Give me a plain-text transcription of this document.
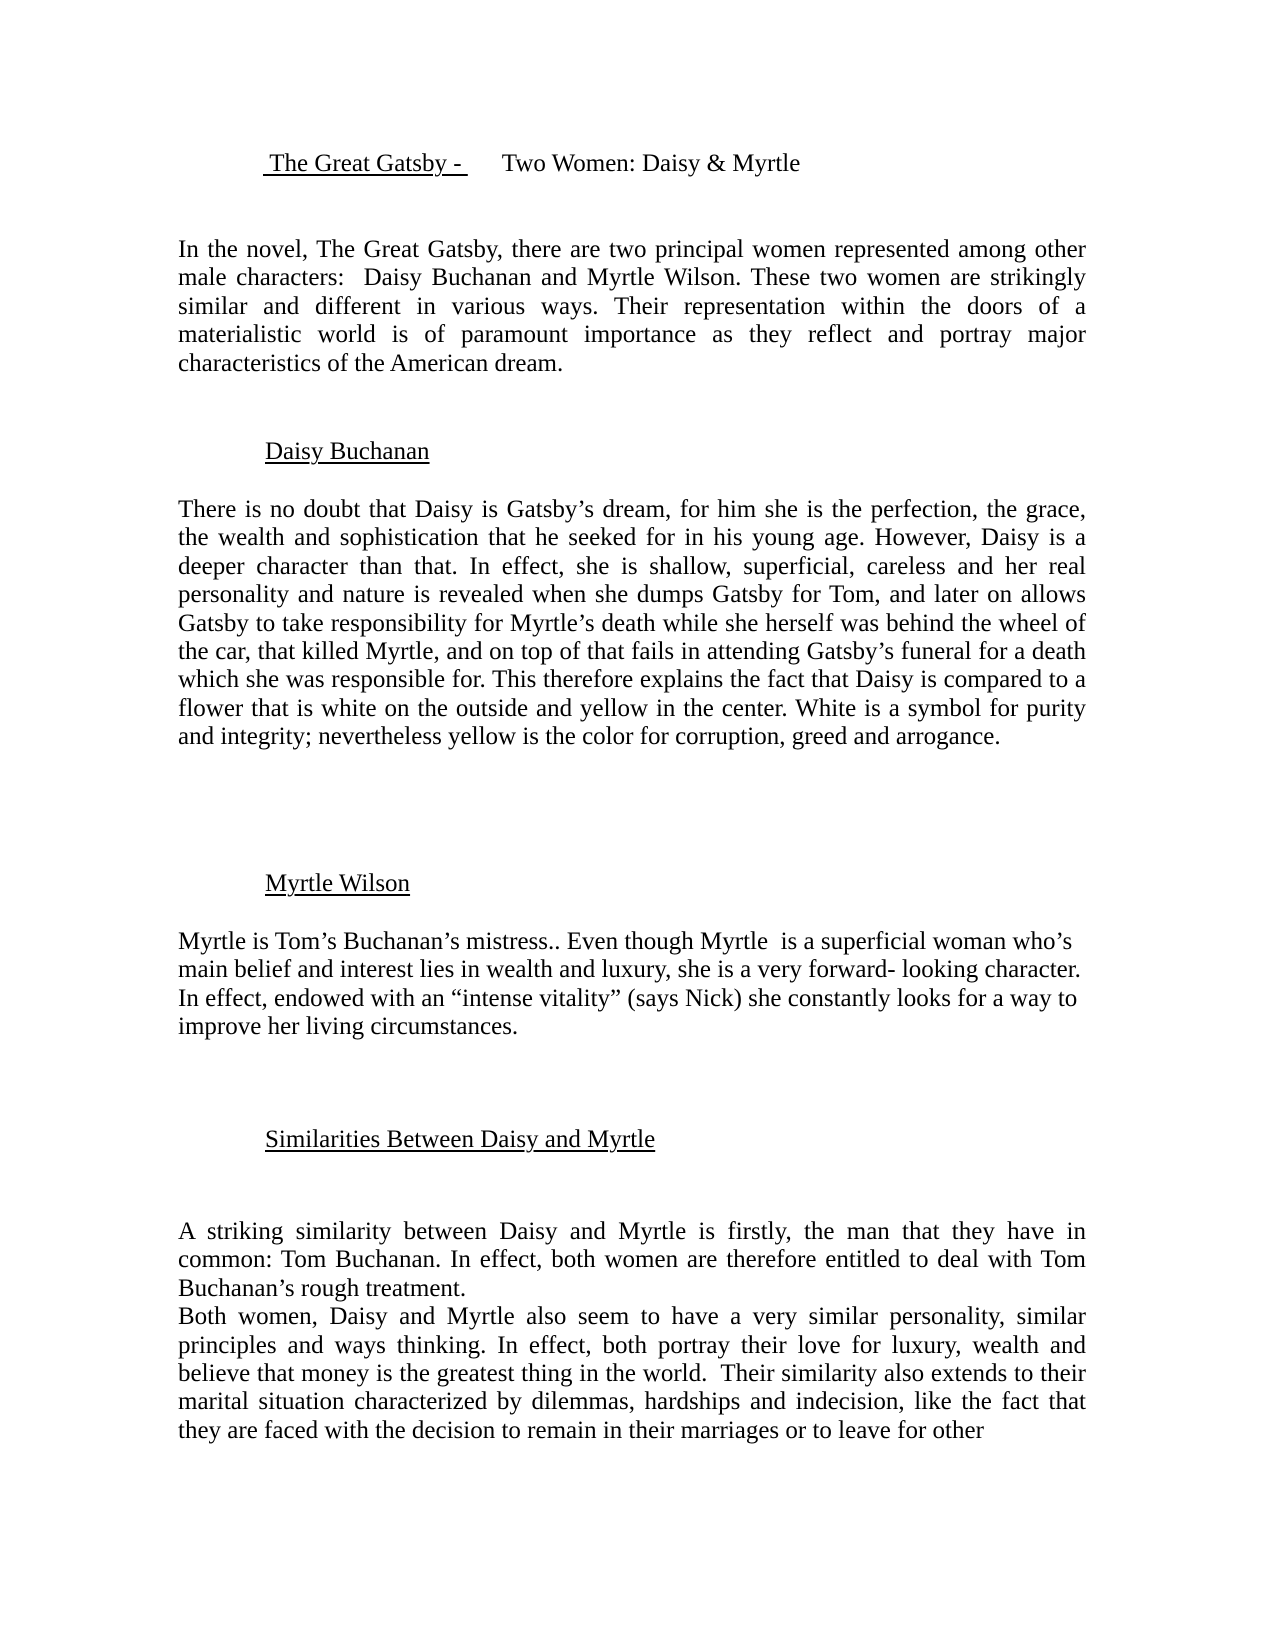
The Great Gatsby - Two Women: Daisy & Myrtle

In the novel, The Great Gatsby, there are two principal women represented among other male characters:  Daisy Buchanan and Myrtle Wilson. These two women are strikingly similar and different in various ways. Their representation within the doors of a materialistic world is of paramount importance as they reflect and portray major characteristics of the American dream.

Daisy Buchanan

There is no doubt that Daisy is Gatsby’s dream, for him she is the perfection, the grace, the wealth and sophistication that he seeked for in his young age. However, Daisy is a deeper character than that. In effect, she is shallow, superficial, careless and her real personality and nature is revealed when she dumps Gatsby for Tom, and later on allows Gatsby to take responsibility for Myrtle’s death while she herself was behind the wheel of the car, that killed Myrtle, and on top of that fails in attending Gatsby’s funeral for a death which she was responsible for. This therefore explains the fact that Daisy is compared to a flower that is white on the outside and yellow in the center. White is a symbol for purity and integrity; nevertheless yellow is the color for corruption, greed and arrogance.

Myrtle Wilson

Myrtle is Tom’s Buchanan’s mistress.. Even though Myrtle  is a superficial woman who’s main belief and interest lies in wealth and luxury, she is a very forward- looking character. In effect, endowed with an “intense vitality” (says Nick) she constantly looks for a way to improve her living circumstances.

Similarities Between Daisy and Myrtle

A striking similarity between Daisy and Myrtle is firstly, the man that they have in common: Tom Buchanan. In effect, both women are therefore entitled to deal with Tom Buchanan’s rough treatment.

Both women, Daisy and Myrtle also seem to have a very similar personality, similar principles and ways thinking. In effect, both portray their love for luxury, wealth and believe that money is the greatest thing in the world.  Their similarity also extends to their marital situation characterized by dilemmas, hardships and indecision, like the fact that they are faced with the decision to remain in their marriages or to leave for other
